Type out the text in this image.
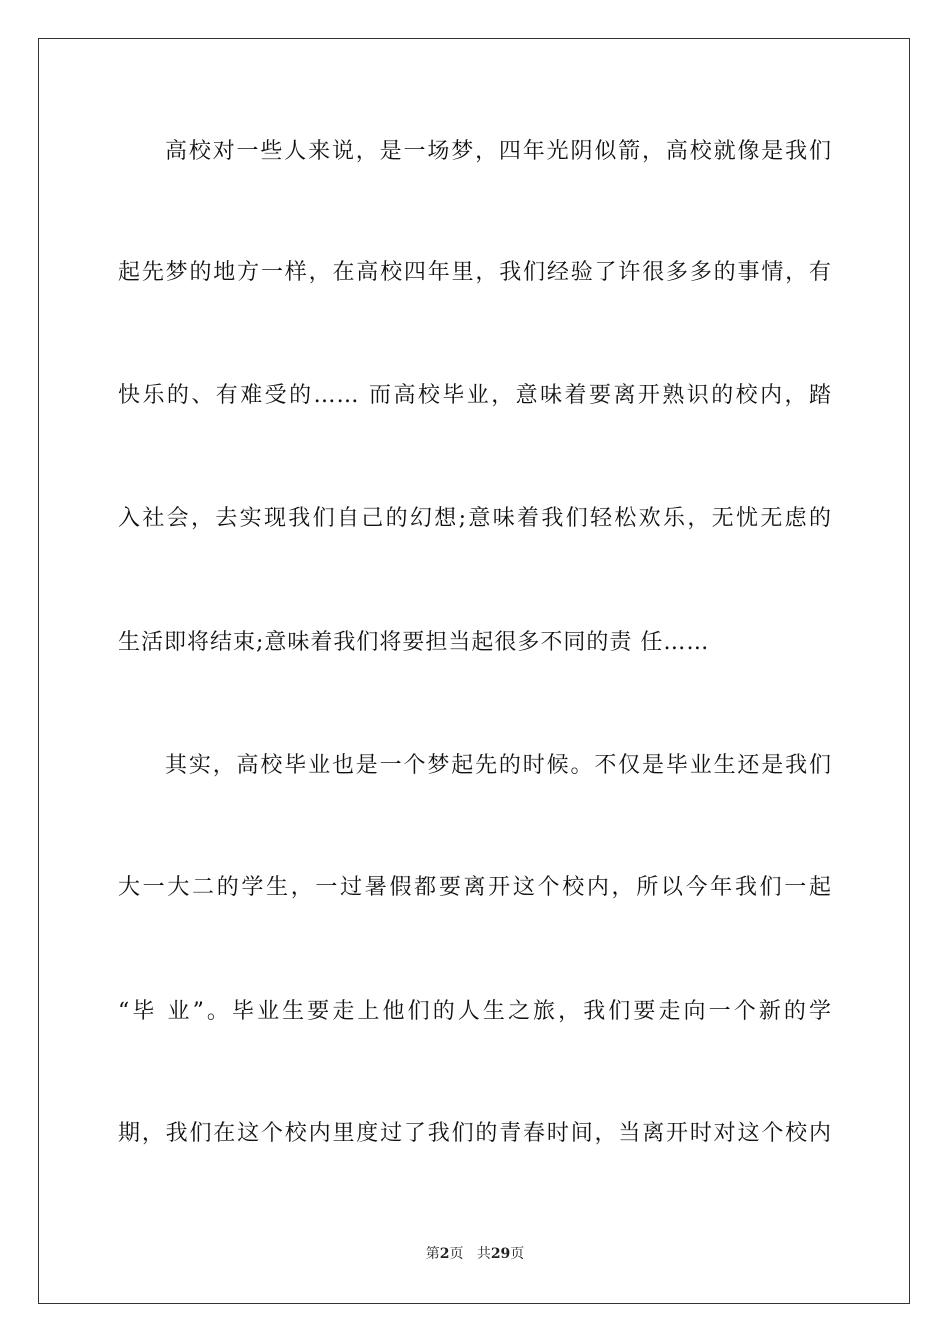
高校对一些人来说，是一场梦，四年光阴似箭，高校就像是我们
起先梦的地方一样，在高校四年里，我们经验了许很多多的事情，有
快乐的、有难受的…… 而高校毕业，意味着要离开熟识的校内，踏
入社会，去实现我们自己的幻想;意味着我们轻松欢乐，无忧无虑的
生活即将结束;意味着我们将要担当起很多不同的责 任……
其实，高校毕业也是一个梦起先的时候。不仅是毕业生还是我们
大一大二的学生，一过暑假都要离开这个校内，所以今年我们一起
“毕 业”。毕业生要走上他们的人生之旅，我们要走向一个新的学
期，我们在这个校内里度过了我们的青春时间，当离开时对这个校内
第2页 共29页
